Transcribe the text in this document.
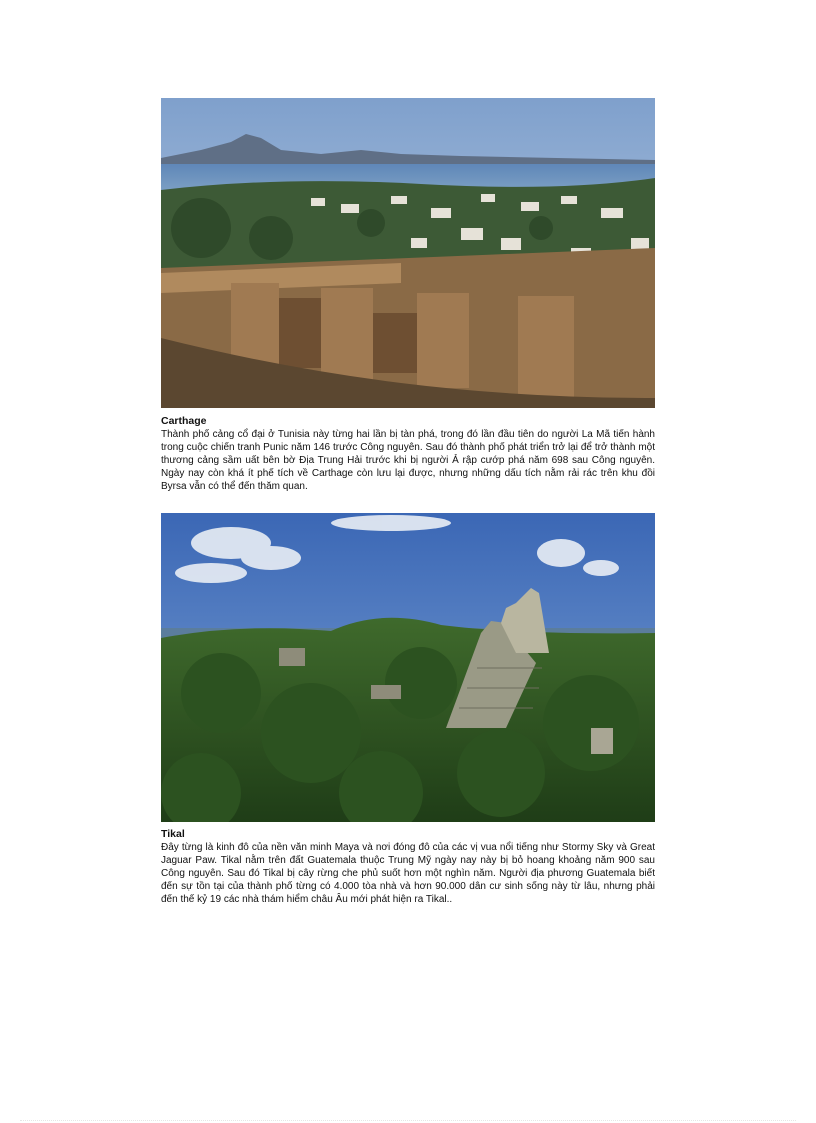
Carthage
Thành phố cảng cổ đại ở Tunisia này từng hai lần bị tàn phá, trong đó lần đầu tiên do người La Mã tiến hành trong cuộc chiến tranh Punic năm 146 trước Công nguyên. Sau đó thành phố phát triển trở lại để trở thành một thương cảng sầm uất bên bờ Địa Trung Hải trước khi bị người Ả rập cướp phá năm 698 sau Công nguyên. Ngày nay còn khá ít phế tích về Carthage còn lưu lại được, nhưng những dấu tích nằm rải rác trên khu đồi Byrsa vẫn có thể đến thăm quan.
Tikal
Đây từng là kinh đô của nền văn minh Maya và nơi đóng đô của các vị vua nổi tiếng như Stormy Sky và Great Jaguar Paw. Tikal nằm trên đất Guatemala thuộc Trung Mỹ ngày nay này bị bỏ hoang khoảng năm 900 sau Công nguyên. Sau đó Tikal bị cây rừng che phủ suốt hơn một nghìn năm. Người địa phương Guatemala biết đến sự tồn tại của thành phố từng có 4.000 tòa nhà và hơn 90.000 dân cư sinh sống này từ lâu, nhưng phải đến thế kỷ 19 các nhà thám hiểm châu Âu mới phát hiện ra Tikal..
